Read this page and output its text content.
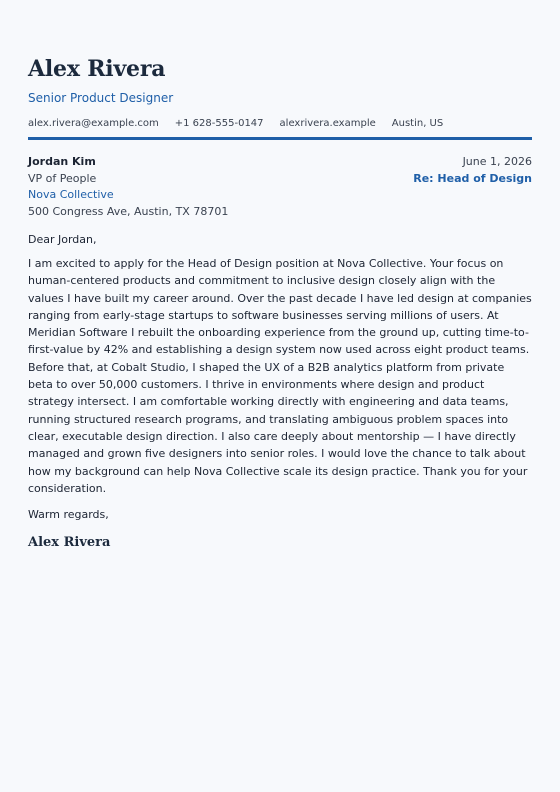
Alex Rivera
Senior Product Designer
alex.rivera@example.com +1 628-555-0147 alexrivera.example Austin, US
Jordan Kim
VP of People
Nova Collective
500 Congress Ave, Austin, TX 78701
June 1, 2026
Re: Head of Design
Dear Jordan,

I am excited to apply for the Head of Design position at Nova Collective. Your focus on human-centered products and commitment to inclusive design closely align with the values I have built my career around. Over the past decade I have led design at companies ranging from early-stage startups to software businesses serving millions of users. At Meridian Software I rebuilt the onboarding experience from the ground up, cutting time-to-first-value by 42% and establishing a design system now used across eight product teams. Before that, at Cobalt Studio, I shaped the UX of a B2B analytics platform from private beta to over 50,000 customers. I thrive in environments where design and product strategy intersect. I am comfortable working directly with engineering and data teams, running structured research programs, and translating ambiguous problem spaces into clear, executable design direction. I also care deeply about mentorship — I have directly managed and grown five designers into senior roles. I would love the chance to talk about how my background can help Nova Collective scale its design practice. Thank you for your consideration.

Warm regards,
Alex Rivera
